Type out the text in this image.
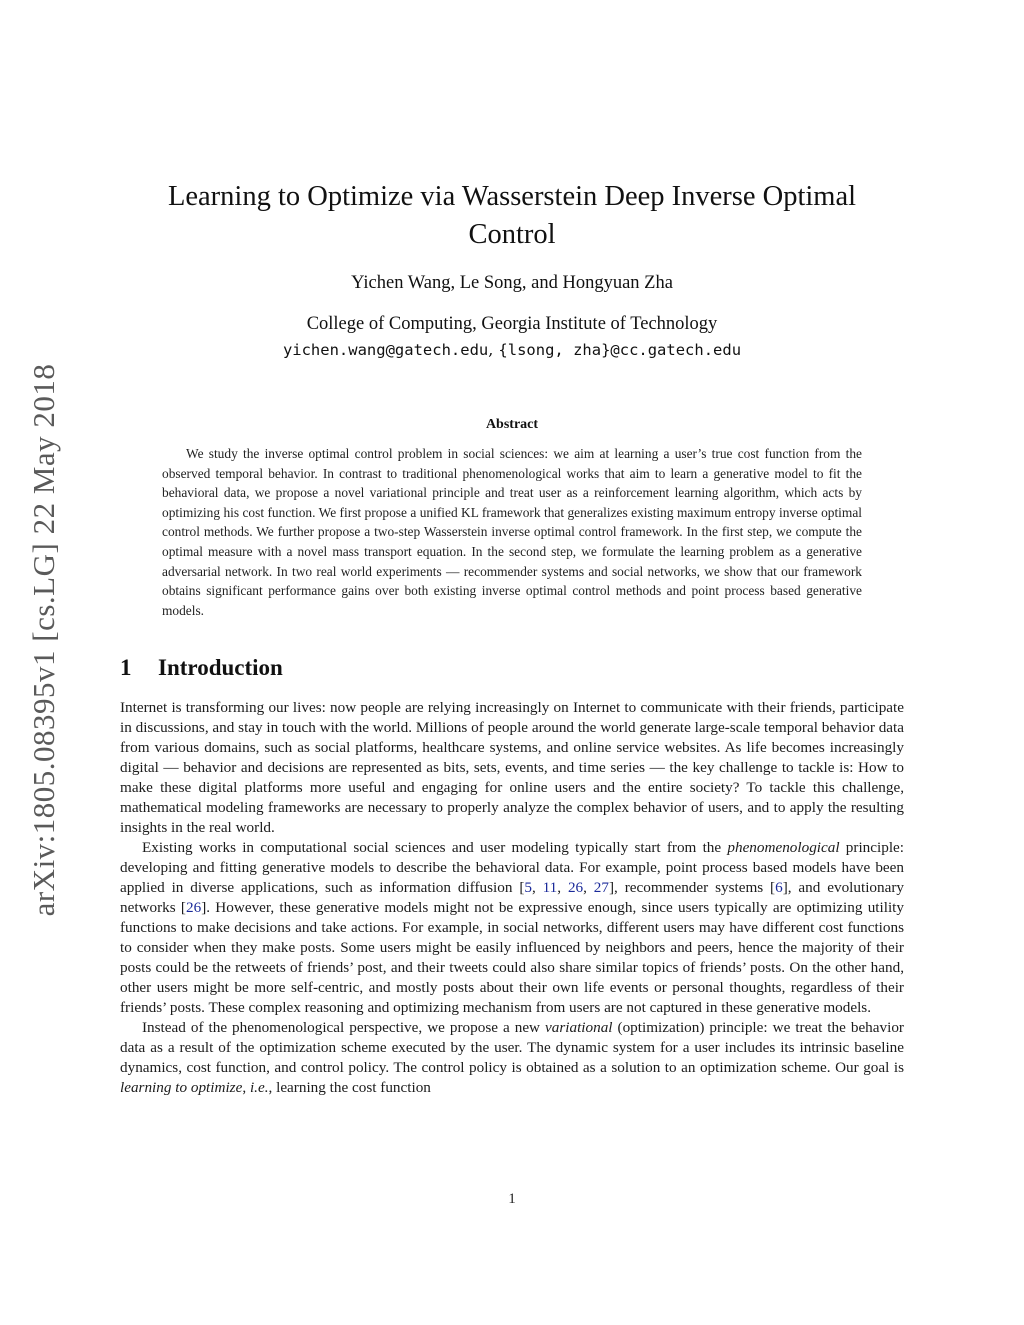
arXiv:1805.08395v1 [cs.LG] 22 May 2018
Learning to Optimize via Wasserstein Deep Inverse Optimal
Control
Yichen Wang, Le Song, and Hongyuan Zha
College of Computing, Georgia Institute of Technology
yichen.wang@gatech.edu, {lsong, zha}@cc.gatech.edu
Abstract
We study the inverse optimal control problem in social sciences: we aim at learning a user’s true cost function from the observed temporal behavior. In contrast to traditional phenomenological works that aim to learn a generative model to fit the behavioral data, we propose a novel variational principle and treat user as a reinforcement learning algorithm, which acts by optimizing his cost function. We first propose a unified KL framework that generalizes existing maximum entropy inverse optimal control methods. We further propose a two-step Wasserstein inverse optimal control framework. In the first step, we compute the optimal measure with a novel mass transport equation. In the second step, we formulate the learning problem as a generative adversarial network. In two real world experiments — recommender systems and social networks, we show that our framework obtains significant performance gains over both existing inverse optimal control methods and point process based generative models.
1 Introduction

Internet is transforming our lives: now people are relying increasingly on Internet to communicate with their friends, participate in discussions, and stay in touch with the world. Millions of people around the world generate large-scale temporal behavior data from various domains, such as social platforms, healthcare systems, and online service websites. As life becomes increasingly digital — behavior and decisions are represented as bits, sets, events, and time series — the key challenge to tackle is: How to make these digital platforms more useful and engaging for online users and the entire society? To tackle this challenge, mathematical modeling frameworks are necessary to properly analyze the complex behavior of users, and to apply the resulting insights in the real world.

Existing works in computational social sciences and user modeling typically start from the phenomenological principle: developing and fitting generative models to describe the behavioral data. For example, point process based models have been applied in diverse applications, such as information diffusion [5, 11, 26, 27], recommender systems [6], and evolutionary networks [26]. However, these generative models might not be expressive enough, since users typically are optimizing utility functions to make decisions and take actions. For example, in social networks, different users may have different cost functions to consider when they make posts. Some users might be easily influenced by neighbors and peers, hence the majority of their posts could be the retweets of friends’ post, and their tweets could also share similar topics of friends’ posts. On the other hand, other users might be more self-centric, and mostly posts about their own life events or personal thoughts, regardless of their friends’ posts. These complex reasoning and optimizing mechanism from users are not captured in these generative models.

Instead of the phenomenological perspective, we propose a new variational (optimization) principle: we treat the behavior data as a result of the optimization scheme executed by the user. The dynamic system for a user includes its intrinsic baseline dynamics, cost function, and control policy. The control policy is obtained as a solution to an optimization scheme. Our goal is learning to optimize, i.e., learning the cost function

1
